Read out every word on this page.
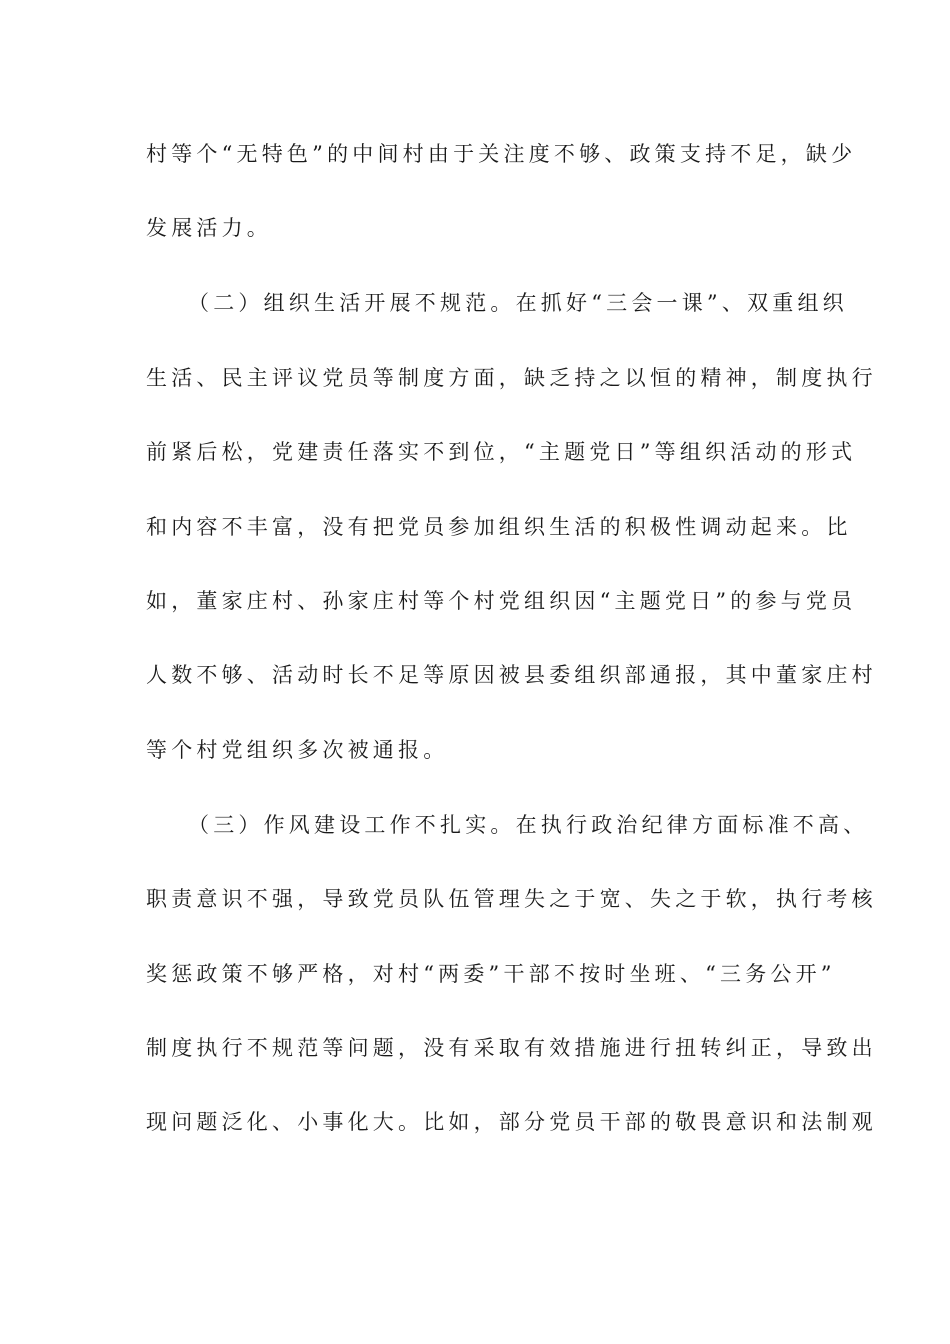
村等个“无特色”的中间村由于关注度不够、政策支持不足，缺少
发展活力。
（二）组织生活开展不规范。在抓好“三会一课”、双重组织
生活、民主评议党员等制度方面，缺乏持之以恒的精神，制度执行
前紧后松，党建责任落实不到位，“主题党日”等组织活动的形式
和内容不丰富，没有把党员参加组织生活的积极性调动起来。比
如，董家庄村、孙家庄村等个村党组织因“主题党日”的参与党员
人数不够、活动时长不足等原因被县委组织部通报，其中董家庄村
等个村党组织多次被通报。
（三）作风建设工作不扎实。在执行政治纪律方面标准不高、
职责意识不强，导致党员队伍管理失之于宽、失之于软，执行考核
奖惩政策不够严格，对村“两委”干部不按时坐班、“三务公开”
制度执行不规范等问题，没有采取有效措施进行扭转纠正，导致出
现问题泛化、小事化大。比如，部分党员干部的敬畏意识和法制观
